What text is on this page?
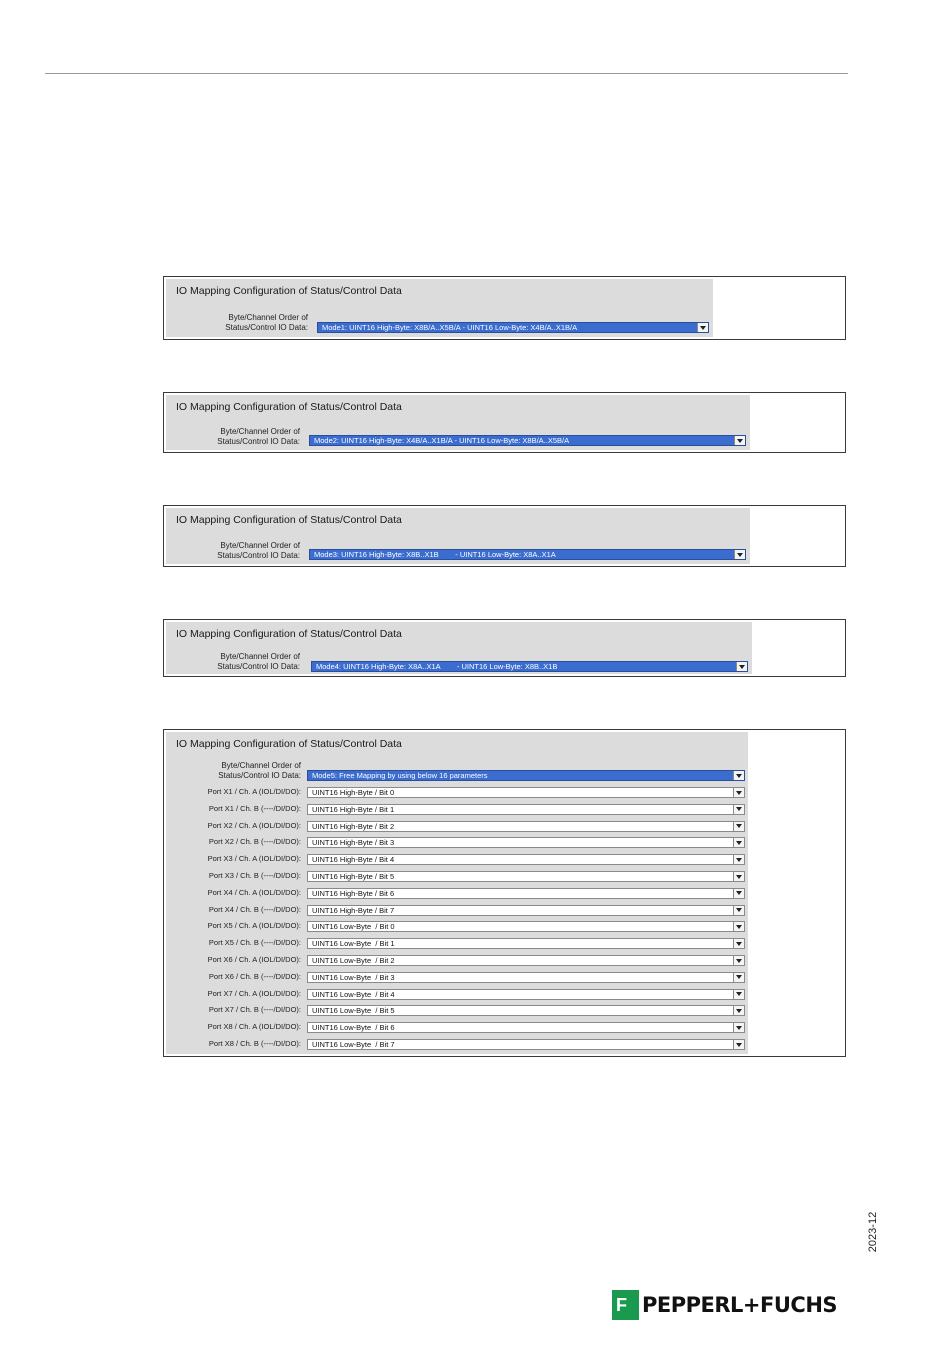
IO Mapping Configuration of Status/Control Data
Byte/Channel Order of
Status/Control IO Data: Mode1: UINT16 High-Byte: X8B/A..X5B/A - UINT16 Low-Byte: X4B/A..X1B/A
IO Mapping Configuration of Status/Control Data
Byte/Channel Order of
Status/Control IO Data: Mode2: UINT16 High-Byte: X4B/A..X1B/A - UINT16 Low-Byte: X8B/A..X5B/A
IO Mapping Configuration of Status/Control Data
Byte/Channel Order of
Status/Control IO Data: Mode3: UINT16 High-Byte: X8B..X1B        - UINT16 Low-Byte: X8A..X1A
IO Mapping Configuration of Status/Control Data
Byte/Channel Order of
Status/Control IO Data: Mode4: UINT16 High-Byte: X8A..X1A        - UINT16 Low-Byte: X8B..X1B
IO Mapping Configuration of Status/Control Data
Byte/Channel Order of
Status/Control IO Data: Mode5: Free Mapping by using below 16 parameters
Port X1 / Ch. A (IOL/DI/DO): UINT16 High-Byte / Bit 0
Port X1 / Ch. B (----/DI/DO): UINT16 High-Byte / Bit 1
Port X2 / Ch. A (IOL/DI/DO): UINT16 High-Byte / Bit 2
Port X2 / Ch. B (----/DI/DO): UINT16 High-Byte / Bit 3
Port X3 / Ch. A (IOL/DI/DO): UINT16 High-Byte / Bit 4
Port X3 / Ch. B (----/DI/DO): UINT16 High-Byte / Bit 5
Port X4 / Ch. A (IOL/DI/DO): UINT16 High-Byte / Bit 6
Port X4 / Ch. B (----/DI/DO): UINT16 High-Byte / Bit 7
Port X5 / Ch. A (IOL/DI/DO): UINT16 Low-Byte  / Bit 0
Port X5 / Ch. B (----/DI/DO): UINT16 Low-Byte  / Bit 1
Port X6 / Ch. A (IOL/DI/DO): UINT16 Low-Byte  / Bit 2
Port X6 / Ch. B (----/DI/DO): UINT16 Low-Byte  / Bit 3
Port X7 / Ch. A (IOL/DI/DO): UINT16 Low-Byte  / Bit 4
Port X7 / Ch. B (----/DI/DO): UINT16 Low-Byte  / Bit 5
Port X8 / Ch. A (IOL/DI/DO): UINT16 Low-Byte  / Bit 6
Port X8 / Ch. B (----/DI/DO): UINT16 Low-Byte  / Bit 7
2023-12
F PEPPERL+FUCHS
